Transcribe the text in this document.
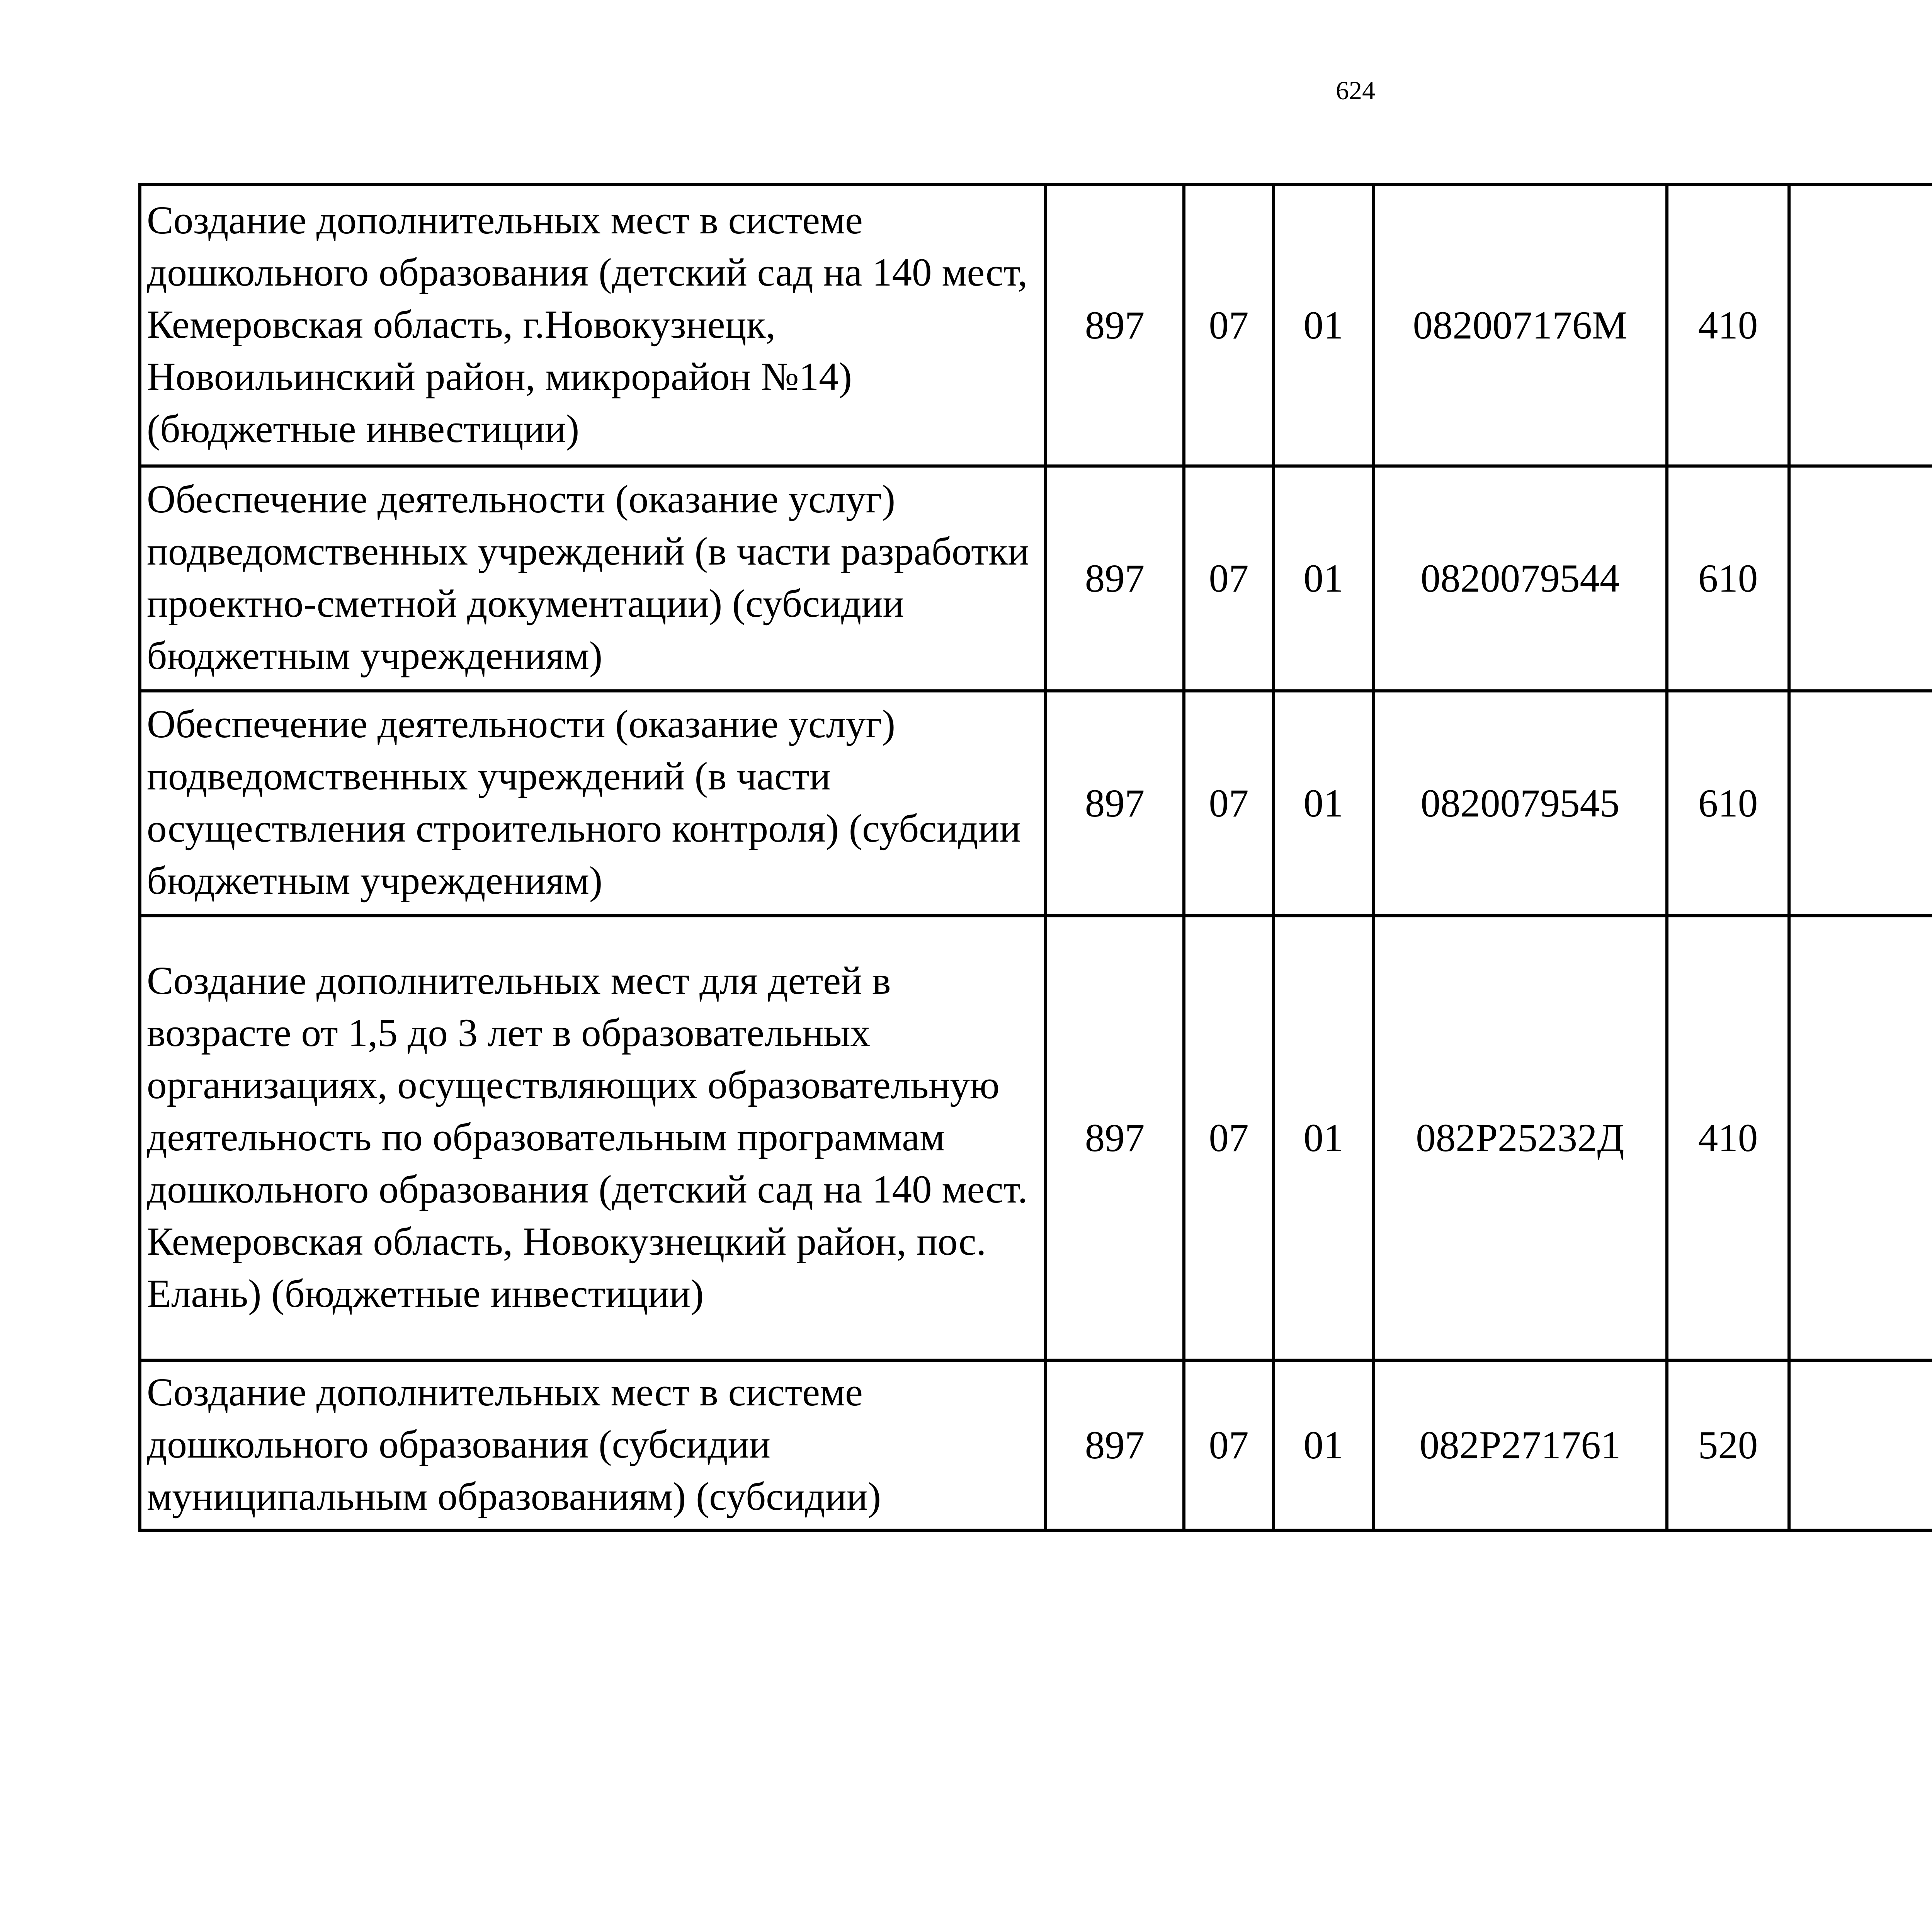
624
Создание дополнительных мест в системе дошкольного образования (детский сад на 140 мест, Кемеровская область, г.Новокузнецк, Новоильинский район, микрорайон №14) (бюджетные инвестиции)	897	07	01	082007176М	410			
Обеспечение деятельности (оказание услуг) подведомственных учреждений (в части разработки проектно-сметной документации) (субсидии бюджетным учреждениям)	897	07	01	0820079544	610			
Обеспечение деятельности (оказание услуг) подведомственных учреждений (в части осуществления строительного контроля) (субсидии бюджетным учреждениям)	897	07	01	0820079545	610			
Создание дополнительных мест для детей в возрасте от 1,5 до 3 лет в образовательных организациях, осуществляющих образовательную деятельность по образовательным программам дошкольного образования (детский сад на 140 мест. Кемеровская область, Новокузнецкий район, пос. Елань) (бюджетные инвестиции)	897	07	01	082P25232Д	410			
Создание дополнительных мест в системе дошкольного образования (субсидии муниципальным образованиям) (субсидии)	897	07	01	082P271761	520			
